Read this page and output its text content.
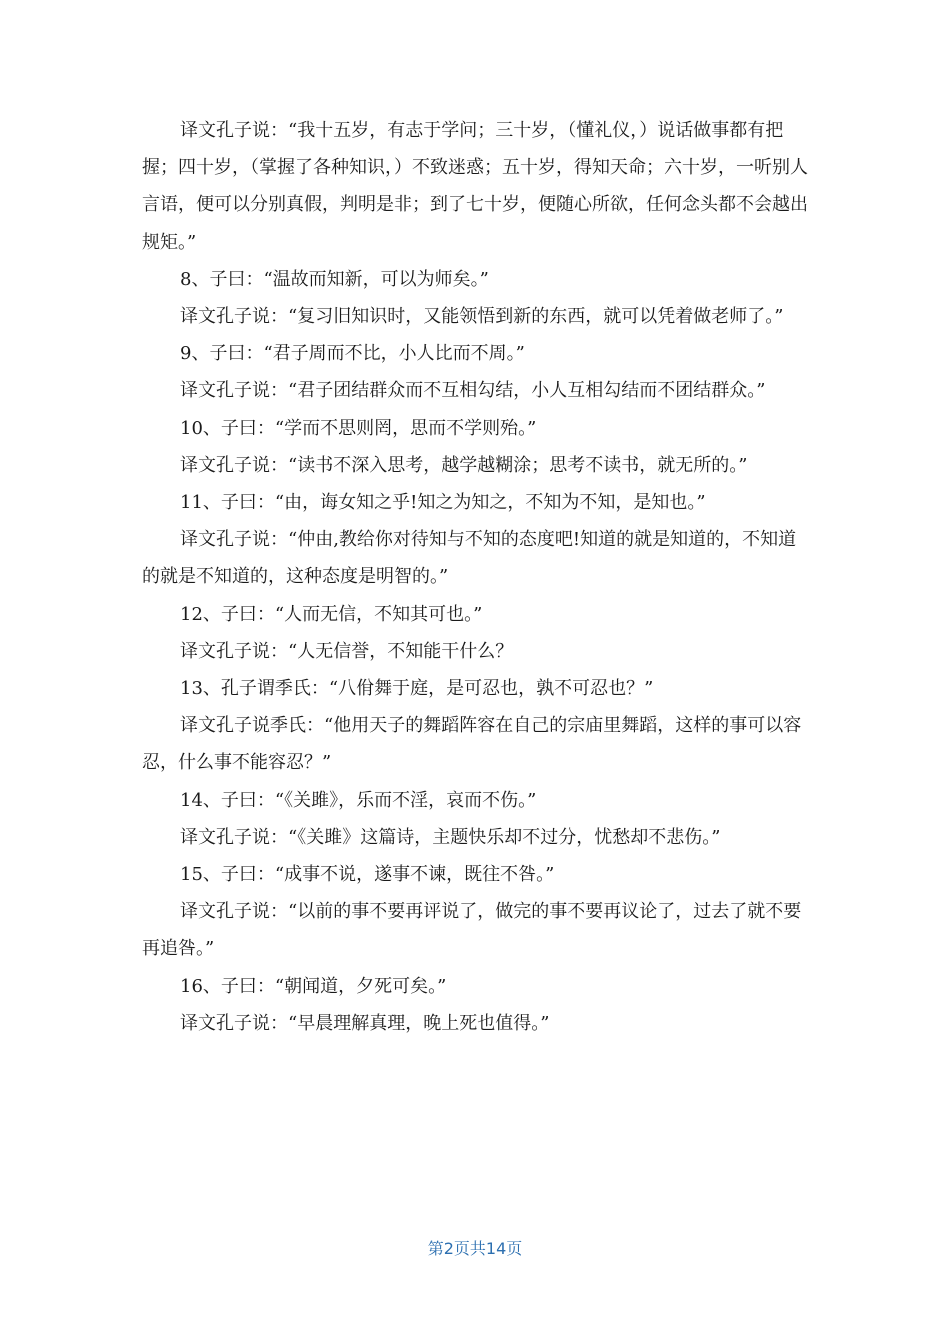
译文孔子说：“我十五岁，有志于学问；三十岁，（懂礼仪，）说话做事都有把握；四十岁，（掌握了各种知识，）不致迷惑；五十岁，得知天命；六十岁，一听别人言语，便可以分别真假，判明是非；到了七十岁，便随心所欲，任何念头都不会越出规矩。”

8、子曰：“温故而知新，可以为师矣。”

译文孔子说：“复习旧知识时，又能领悟到新的东西，就可以凭着做老师了。”

9、子曰：“君子周而不比，小人比而不周。”

译文孔子说：“君子团结群众而不互相勾结，小人互相勾结而不团结群众。”

10、子曰：“学而不思则罔，思而不学则殆。”

译文孔子说：“读书不深入思考，越学越糊涂；思考不读书，就无所的。”

11、子曰：“由，诲女知之乎!知之为知之，不知为不知，是知也。”

译文孔子说：“仲由,教给你对待知与不知的态度吧!知道的就是知道的，不知道的就是不知道的，这种态度是明智的。”

12、子曰：“人而无信，不知其可也。”

译文孔子说：“人无信誉，不知能干什么？

13、孔子谓季氏：“八佾舞于庭，是可忍也，孰不可忍也？”

译文孔子说季氏：“他用天子的舞蹈阵容在自己的宗庙里舞蹈，这样的事可以容忍，什么事不能容忍？”

14、子曰：“《关雎》，乐而不淫，哀而不伤。”

译文孔子说：“《关雎》这篇诗，主题快乐却不过分，忧愁却不悲伤。”

15、子曰：“成事不说，遂事不谏，既往不咎。”

译文孔子说：“以前的事不要再评说了，做完的事不要再议论了，过去了就不要再追咎。”

16、子曰：“朝闻道，夕死可矣。”

译文孔子说：“早晨理解真理，晚上死也值得。”

第2页共14页
